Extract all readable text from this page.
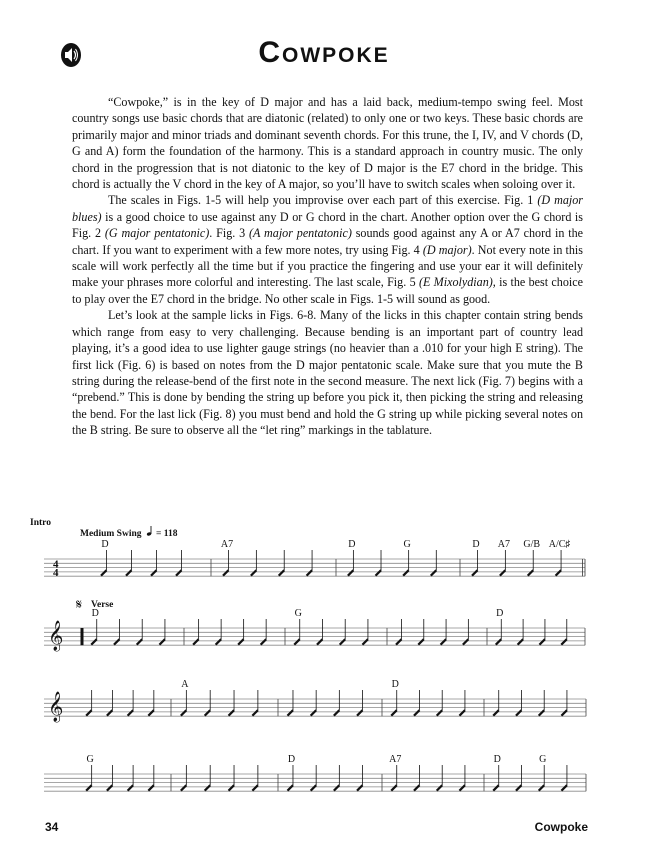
Cowpoke

“Cowpoke,” is in the key of D major and has a laid back, medium-tempo swing feel. Most country songs use basic chords that are diatonic (related) to only one or two keys. These basic chords are primarily major and minor triads and dominant seventh chords. For this trune, the I, IV, and V chords (D, G and A) form the foundation of the harmony. This is a standard approach in country music. The only chord in the progression that is not diatonic to the key of D major is the E7 chord in the bridge. This chord is actually the V chord in the key of A major, so you’ll have to switch scales when soloing over it.

The scales in Figs. 1-5 will help you improvise over each part of this exercise. Fig. 1 (D major blues) is a good choice to use against any D or G chord in the chart. Another option over the G chord is Fig. 2 (G major pentatonic). Fig. 3 (A major pentatonic) sounds good against any A or A7 chord in the chart. If you want to experiment with a few more notes, try using Fig. 4 (D major). Not every note in this scale will work perfectly all the time but if you practice the fingering and use your ear it will definitely make your phrases more colorful and interesting. The last scale, Fig. 5 (E Mixolydian), is the best choice to play over the E7 chord in the bridge. No other scale in Figs. 1-5 will sound as good.

Let’s look at the sample licks in Figs. 6-8. Many of the licks in this chapter contain string bends which range from easy to very challenging. Because bending is an important part of country lead playing, it’s a good idea to use lighter gauge strings (no heavier than a .010 for your high E string). The first lick (Fig. 6) is based on notes from the D major pentatonic scale. Make sure that you mute the B string during the release-bend of the first note in the second measure. The next lick (Fig. 7) begins with a “prebend.” This is done by bending the string up before you pick it, then picking the string and releasing the bend. For the last lick (Fig. 8) you must bend and hold the G string up while picking several notes on the B string. Be sure to observe all the “let ring” markings in the tablature.

4
4
Intro
Medium Swing = 118
D	A7	D	G	D A7 G/B A/C♯
𝄞
Verse
𝄋
D	G	D
𝄞
A	D
G	D	A7	D	G
34	Cowpoke
